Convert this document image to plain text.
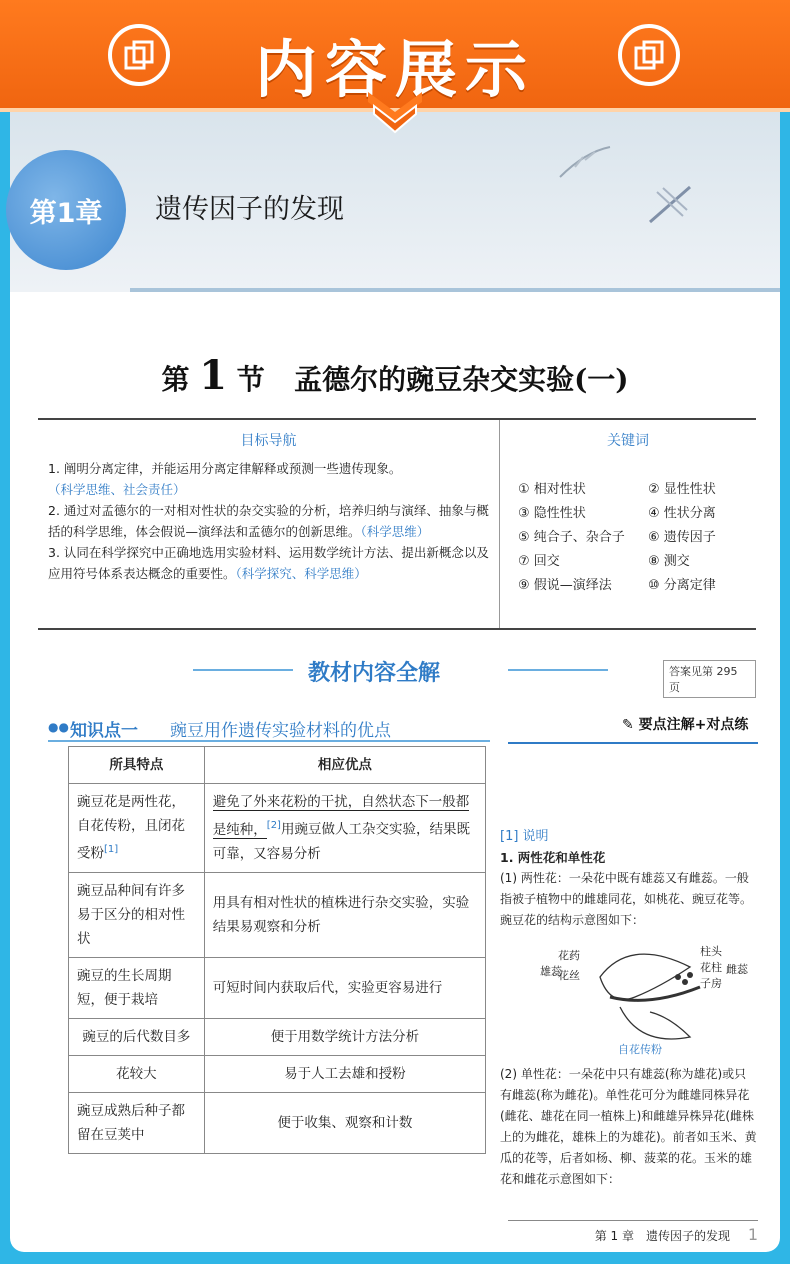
内容展示
第1章	遗传因子的发现
第 1 节 孟德尔的豌豆杂交实验(一)
目标导航
1. 阐明分离定律，并能运用分离定律解释或预测一些遗传现象。
（科学思维、社会责任）
2. 通过对孟德尔的一对相对性状的杂交实验的分析，培养归纳与演绎、抽象与概括的科学思维，体会假说—演绎法和孟德尔的创新思维。（科学思维）
3. 认同在科学探究中正确地选用实验材料、运用数学统计方法、提出新概念以及应用符号体系表达概念的重要性。（科学探究、科学思维）
关键词
① 相对性状	② 显性性状
③ 隐性性状	④ 性状分离
⑤ 纯合子、杂合子	⑥ 遗传因子
⑦ 回交	⑧ 测交
⑨ 假说—演绎法	⑩ 分离定律
教材内容全解	答案见第 295 页
●● 知识点一 豌豆用作遗传实验材料的优点	✎ 要点注解+对点练
所具特点	相应优点
豌豆花是两性花，自花传粉，且闭花受粉[1]	避免了外来花粉的干扰，自然状态下一般都是纯种，[2]用豌豆做人工杂交实验，结果既可靠，又容易分析
豌豆品种间有许多易于区分的相对性状	用具有相对性状的植株进行杂交实验，实验结果易观察和分析
豌豆的生长周期短，便于栽培	可短时间内获取后代，实验更容易进行
豌豆的后代数目多	便于用数学统计方法分析
花较大	易于人工去雄和授粉
豌豆成熟后种子都留在豆荚中	便于收集、观察和计数
[1] 说明
1. 两性花和单性花
(1) 两性花：一朵花中既有雄蕊又有雌蕊。一般指被子植物中的雌雄同花，如桃花、豌豆花等。豌豆花的结构示意图如下：
雄蕊
花药
花丝
柱头
花柱
子房
雌蕊
自花传粉
(2) 单性花：一朵花中只有雄蕊(称为雄花)或只有雌蕊(称为雌花)。单性花可分为雌雄同株异花(雌花、雄花在同一植株上)和雌雄异株异花(雌株上的为雌花，雄株上的为雄花)。前者如玉米、黄瓜的花等，后者如杨、柳、菠菜的花。玉米的雄花和雌花示意图如下：
第 1 章　遗传因子的发现 1
